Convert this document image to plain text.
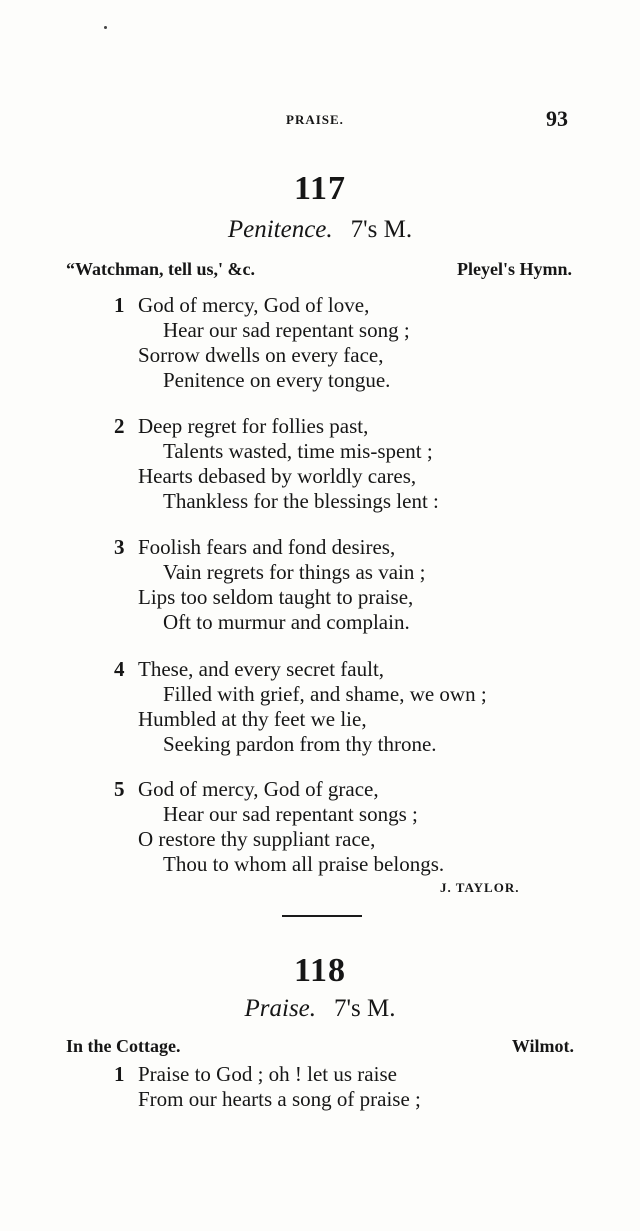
PRAISE.	93
117
Penitence. 7's M.
“Watchman, tell us,' &c.	Pleyel's Hymn.
1 God of mercy, God of love,
Hear our sad repentant song ;
Sorrow dwells on every face,
Penitence on every tongue.
2 Deep regret for follies past,
Talents wasted, time mis-spent ;
Hearts debased by worldly cares,
Thankless for the blessings lent :
3 Foolish fears and fond desires,
Vain regrets for things as vain ;
Lips too seldom taught to praise,
Oft to murmur and complain.
4 These, and every secret fault,
Filled with grief, and shame, we own ;
Humbled at thy feet we lie,
Seeking pardon from thy throne.
5 God of mercy, God of grace,
Hear our sad repentant songs ;
O restore thy suppliant race,
Thou to whom all praise belongs.
J. TAYLOR.
118
Praise. 7's M.
In the Cottage.	Wilmot.
1 Praise to God ; oh ! let us raise
From our hearts a song of praise ;
